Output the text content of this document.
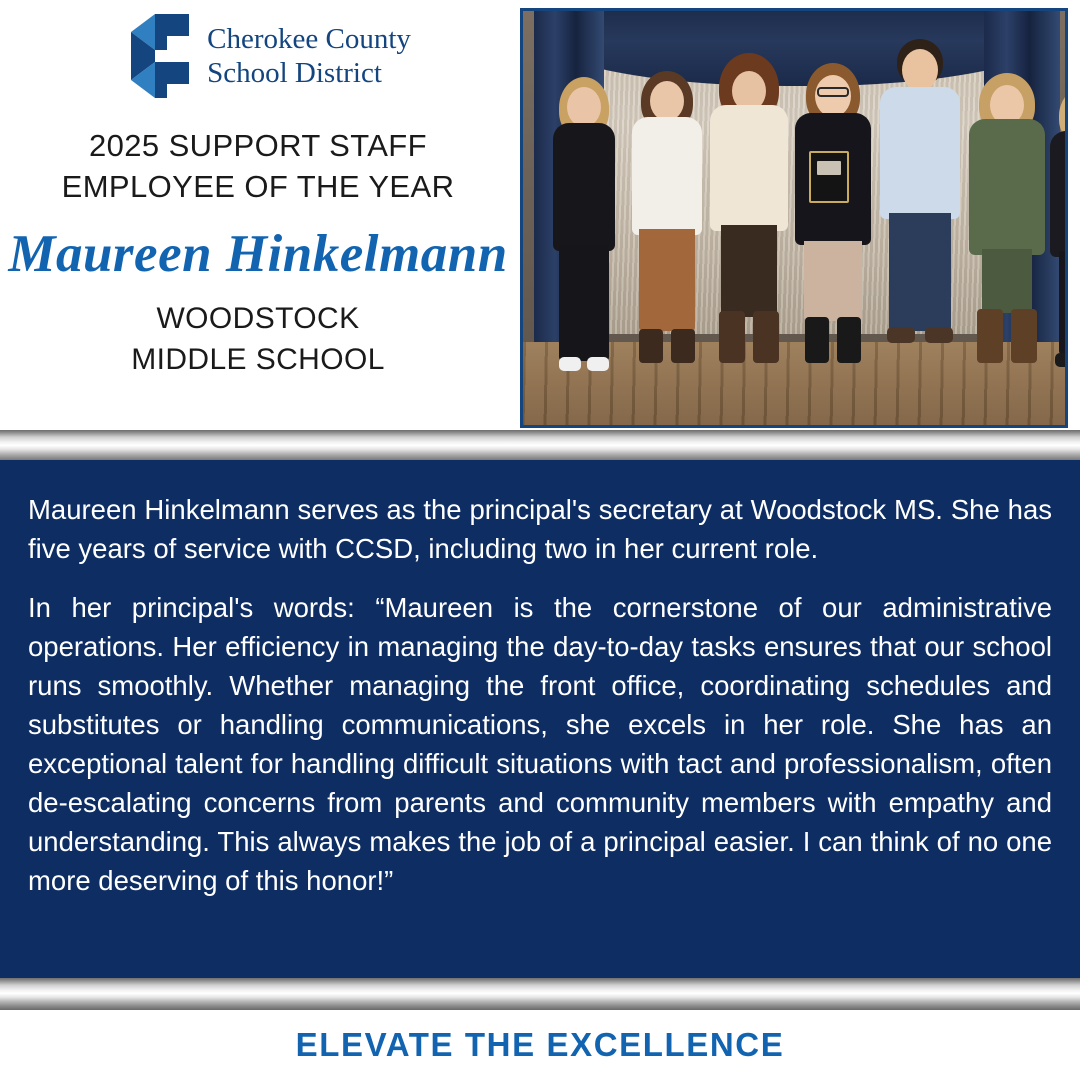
Cherokee County
School District
2025 SUPPORT STAFF
EMPLOYEE OF THE YEAR
Maureen Hinkelmann
WOODSTOCK
MIDDLE SCHOOL

Maureen Hinkelmann serves as the principal's secretary at Woodstock MS. She has five years of service with CCSD, including two in her current role.

In her principal's words: “Maureen is the cornerstone of our administrative operations. Her efficiency in managing the day-to-day tasks ensures that our school runs smoothly. Whether managing the front office, coordinating schedules and substitutes or handling communications, she excels in her role. She has an exceptional talent for handling difficult situations with tact and professionalism, often de-escalating concerns from parents and community members with empathy and understanding. This always makes the job of a principal easier. I can think of no one more deserving of this honor!”

ELEVATE THE EXCELLENCE
